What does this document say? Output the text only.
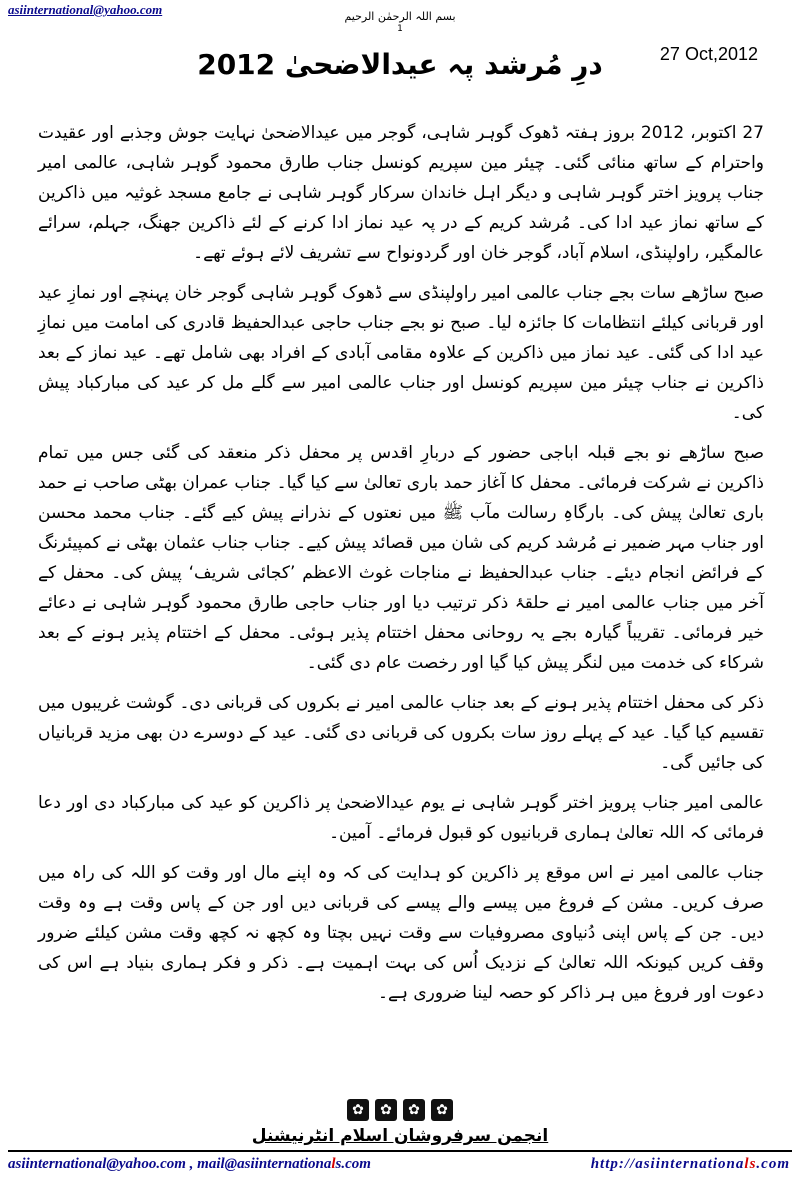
asiinternational@yahoo.com	بسم اللہ الرحمٰن الرحیم
1
27 Oct,2012
درِ مُرشد پہ عیدالاضحیٰ 2012

27 اکتوبر، 2012 بروز ہفتہ ڈھوک گوہر شاہی، گوجر میں عیدالاضحیٰ نہایت جوش وجذبے اور عقیدت واحترام کے ساتھ منائی گئی۔ چیئر مین سپریم کونسل جناب طارق محمود گوہر شاہی، عالمی امیر جناب پرویز اختر گوہر شاہی و دیگر اہل خاندان سرکار گوہر شاہی نے جامع مسجد غوثیہ میں ذاکرین کے ساتھ نماز عید ادا کی۔ مُرشد کریم کے در پہ عید نماز ادا کرنے کے لئے ذاکرین جھنگ، جہلم، سرائے عالمگیر، راولپنڈی، اسلام آباد، گوجر خان اور گردونواح سے تشریف لائے ہوئے تھے۔

صبح ساڑھے سات بجے جناب عالمی امیر راولپنڈی سے ڈھوک گوہر شاہی گوجر خان پہنچے اور نمازِ عید اور قربانی کیلئے انتظامات کا جائزہ لیا۔ صبح نو بجے جناب حاجی عبدالحفیظ قادری کی امامت میں نمازِ عید ادا کی گئی۔ عید نماز میں ذاکرین کے علاوہ مقامی آبادی کے افراد بھی شامل تھے۔ عید نماز کے بعد ذاکرین نے جناب چیئر مین سپریم کونسل اور جناب عالمی امیر سے گلے مل کر عید کی مبارکباد پیش کی۔

صبح ساڑھے نو بجے قبلہ اباجی حضور کے دربارِ اقدس پر محفل ذکر منعقد کی گئی جس میں تمام ذاکرین نے شرکت فرمائی۔ محفل کا آغاز حمد باری تعالیٰ سے کیا گیا۔ جناب عمران بھٹی صاحب نے حمد باری تعالیٰ پیش کی۔ بارگاہِ رسالت مآب ﷺ میں نعتوں کے نذرانے پیش کیے گئے۔ جناب محمد محسن اور جناب مہر ضمیر نے مُرشد کریم کی شان میں قصائد پیش کیے۔ جناب جناب عثمان بھٹی نے کمپیئرنگ کے فرائض انجام دیئے۔ جناب عبدالحفیظ نے مناجات غوث الاعظم ’کجائی شریف‘ پیش کی۔ محفل کے آخر میں جناب عالمی امیر نے حلقۂ ذکر ترتیب دیا اور جناب حاجی طارق محمود گوہر شاہی نے دعائے خیر فرمائی۔ تقریباً گیارہ بجے یہ روحانی محفل اختتام پذیر ہوئی۔ محفل کے اختتام پذیر ہونے کے بعد شرکاء کی خدمت میں لنگر پیش کیا گیا اور رخصت عام دی گئی۔

ذکر کی محفل اختتام پذیر ہونے کے بعد جناب عالمی امیر نے بکروں کی قربانی دی۔ گوشت غریبوں میں تقسیم کیا گیا۔ عید کے پہلے روز سات بکروں کی قربانی دی گئی۔ عید کے دوسرے دن بھی مزید قربانیاں کی جائیں گی۔

عالمی امیر جناب پرویز اختر گوہر شاہی نے یوم عیدالاضحیٰ پر ذاکرین کو عید کی مبارکباد دی اور دعا فرمائی کہ اللہ تعالیٰ ہماری قربانیوں کو قبول فرمائے۔ آمین۔

جناب عالمی امیر نے اس موقع پر ذاکرین کو ہدایت کی کہ وہ اپنے مال اور وقت کو اللہ کی راہ میں صرف کریں۔ مشن کے فروغ میں پیسے والے پیسے کی قربانی دیں اور جن کے پاس وقت ہے وہ وقت دیں۔ جن کے پاس اپنی دُنیاوی مصروفیات سے وقت نہیں بچتا وہ کچھ نہ کچھ وقت مشن کیلئے ضرور وقف کریں کیونکہ اللہ تعالیٰ کے نزدیک اُس کی بہت اہمیت ہے۔ ذکر و فکر ہماری بنیاد ہے اس کی دعوت اور فروغ میں ہر ذاکر کو حصہ لینا ضروری ہے۔

✿ ✿ ✿ ✿
انجمن سرفروشان اسلام انٹرنیشنل
asiinternational@yahoo.com , mail@asiinternationals.com	http://asiinternationals.com
